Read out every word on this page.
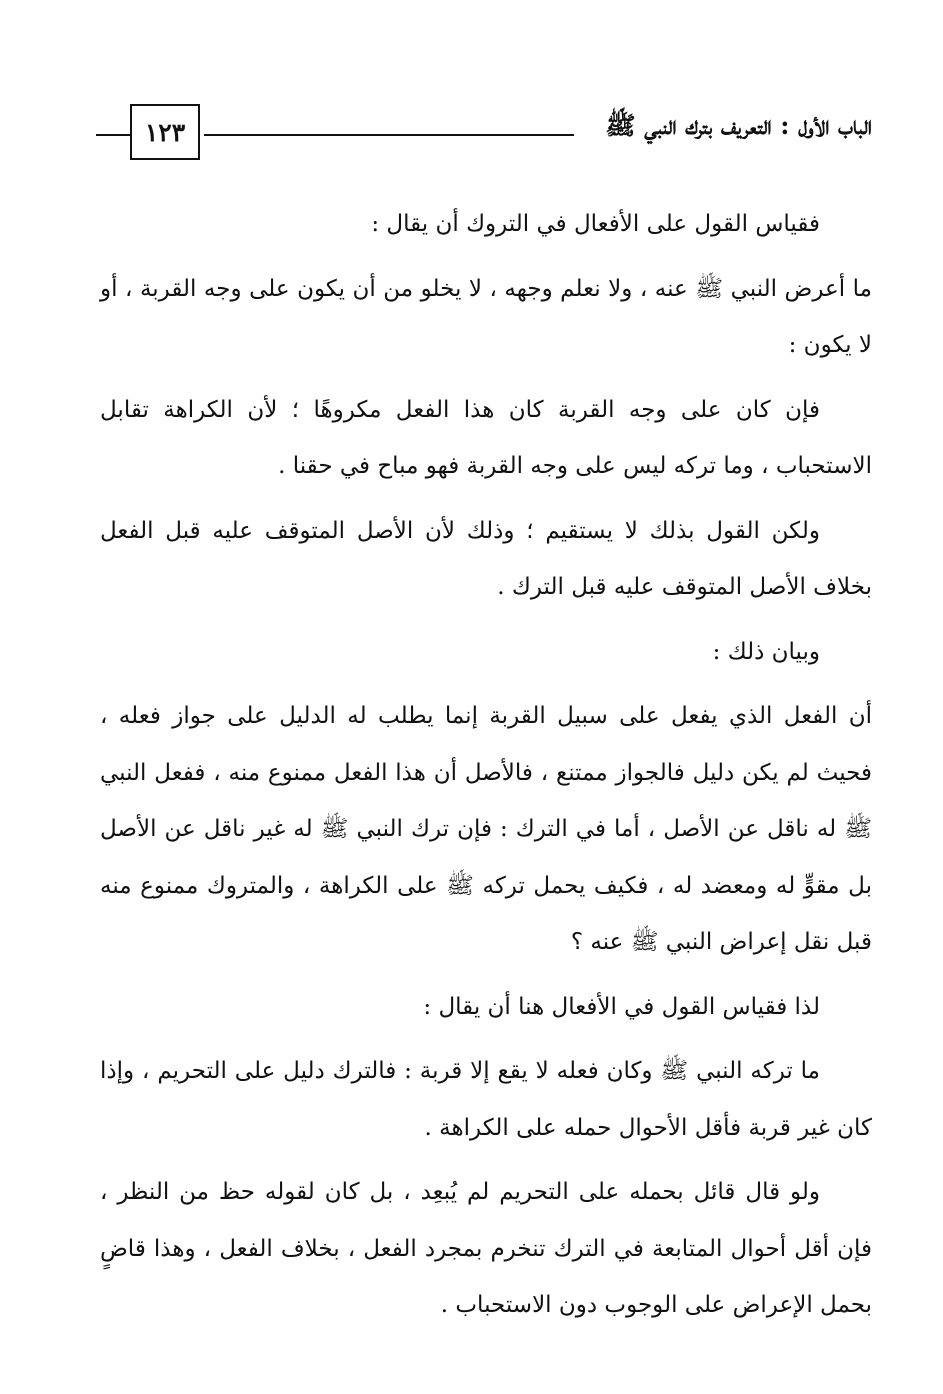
١٢٣	الباب الأول : التعريف بترك النبي ﷺ

فقياس القول على الأفعال في التروك أن يقال :

ما أعرض النبي ﷺ عنه ، ولا نعلم وجهه ، لا يخلو من أن يكون على وجه القربة ، أو لا يكون :

فإن كان على وجه القربة كان هذا الفعل مكروهًا ؛ لأن الكراهة تقابل الاستحباب ، وما تركه ليس على وجه القربة فهو مباح في حقنا .

ولكن القول بذلك لا يستقيم ؛ وذلك لأن الأصل المتوقف عليه قبل الفعل بخلاف الأصل المتوقف عليه قبل الترك .

وبيان ذلك :

أن الفعل الذي يفعل على سبيل القربة إنما يطلب له الدليل على جواز فعله ، فحيث لم يكن دليل فالجواز ممتنع ، فالأصل أن هذا الفعل ممنوع منه ، ففعل النبي ﷺ له ناقل عن الأصل ، أما في الترك : فإن ترك النبي ﷺ له غير ناقل عن الأصل بل مقوٍّ له ومعضد له ، فكيف يحمل تركه ﷺ على الكراهة ، والمتروك ممنوع منه قبل نقل إعراض النبي ﷺ عنه ؟

لذا فقياس القول في الأفعال هنا أن يقال :

ما تركه النبي ﷺ وكان فعله لا يقع إلا قربة : فالترك دليل على التحريم ، وإذا كان غير قربة فأقل الأحوال حمله على الكراهة .

ولو قال قائل بحمله على التحريم لم يُبعِد ، بل كان لقوله حظ من النظر ، فإن أقل أحوال المتابعة في الترك تنخرم بمجرد الفعل ، بخلاف الفعل ، وهذا قاضٍ بحمل الإعراض على الوجوب دون الاستحباب .
